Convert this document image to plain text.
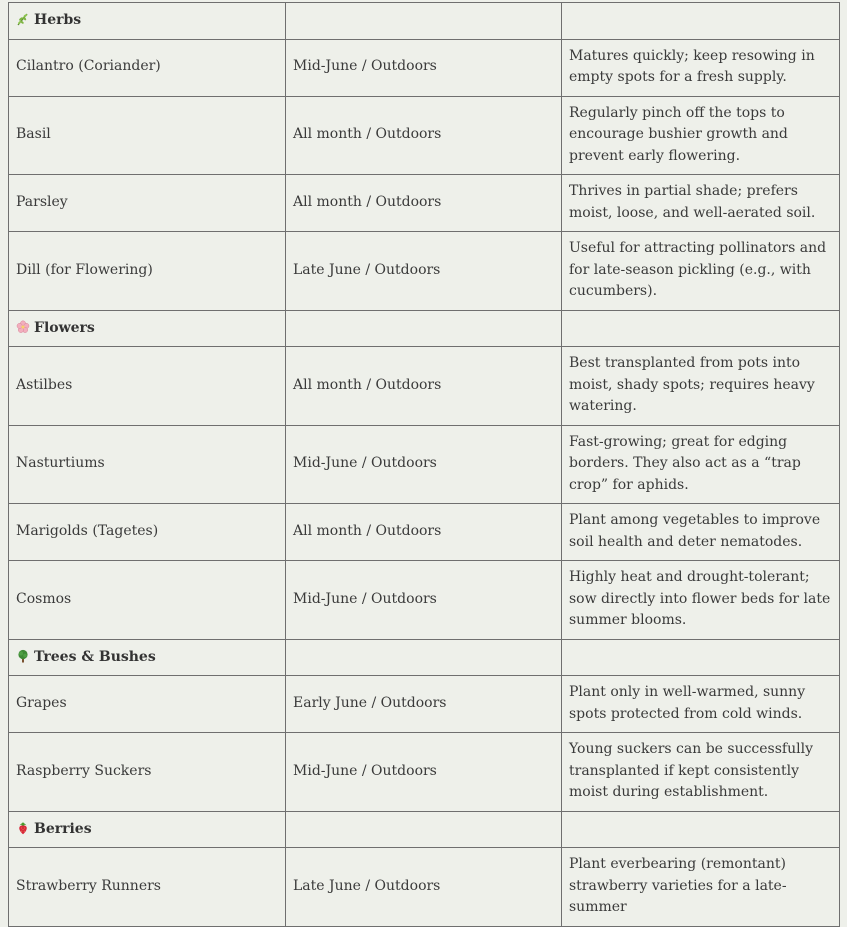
Herbs		
Cilantro (Coriander)	Mid-June / Outdoors	Matures quickly; keep resowing in empty spots for a fresh supply.
Basil	All month / Outdoors	Regularly pinch off the tops to encourage bushier growth and prevent early flowering.
Parsley	All month / Outdoors	Thrives in partial shade; prefers moist, loose, and well-aerated soil.
Dill (for Flowering)	Late June / Outdoors	Useful for attracting pollinators and for late-season pickling (e.g., with cucumbers).

Flowers		
Astilbes	All month / Outdoors	Best transplanted from pots into moist, shady spots; requires heavy watering.
Nasturtiums	Mid-June / Outdoors	Fast-growing; great for edging borders. They also act as a “trap crop” for aphids.
Marigolds (Tagetes)	All month / Outdoors	Plant among vegetables to improve soil health and deter nematodes.
Cosmos	Mid-June / Outdoors	Highly heat and drought-tolerant; sow directly into flower beds for late summer blooms.

Trees & Bushes		
Grapes	Early June / Outdoors	Plant only in well-warmed, sunny spots protected from cold winds.
Raspberry Suckers	Mid-June / Outdoors	Young suckers can be successfully transplanted if kept consistently moist during establishment.

Berries		
Strawberry Runners	Late June / Outdoors	Plant everbearing (remontant) strawberry varieties for a late-summer
